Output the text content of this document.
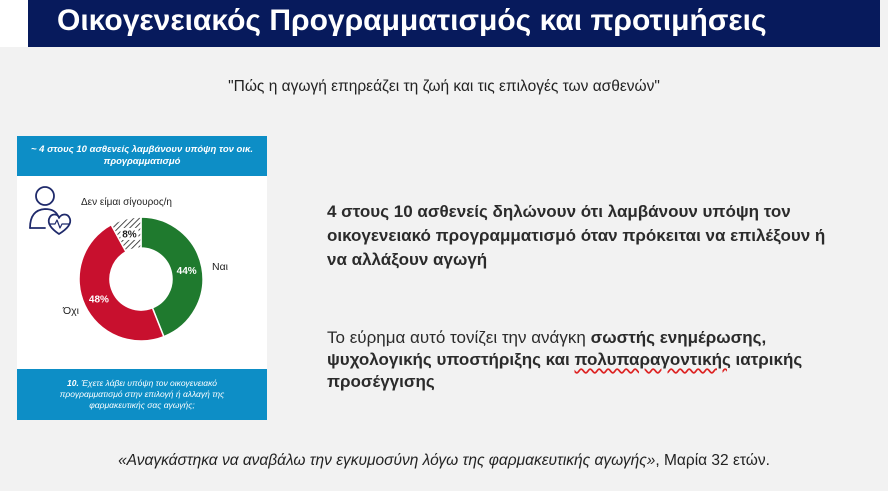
Οικογενειακός Προγραμματισμός και προτιμήσεις
"Πώς η αγωγή επηρεάζει τη ζωή και τις επιλογές των ασθενών"
~ 4 στους 10 ασθενείς λαμβάνουν υπόψη τον οικ. προγραμματισμό
Δεν είμαι σίγουρος/η
44%
48%
8%
Ναι
Όχι
10. Έχετε λάβει υπόψη τον οικογενειακό προγραμματισμό στην επιλογή ή αλλαγή της φαρμακευτικής σας αγωγής;
4 στους 10 ασθενείς δηλώνουν ότι λαμβάνουν υπόψη τον οικογενειακό προγραμματισμό όταν πρόκειται να επιλέξουν ή να αλλάξουν αγωγή
Το εύρημα αυτό τονίζει την ανάγκη σωστής ενημέρωσης, ψυχολογικής υποστήριξης και πολυπαραγοντικής ιατρικής προσέγγισης
«Αναγκάστηκα να αναβάλω την εγκυμοσύνη λόγω της φαρμακευτικής αγωγής», Μαρία 32 ετών.
